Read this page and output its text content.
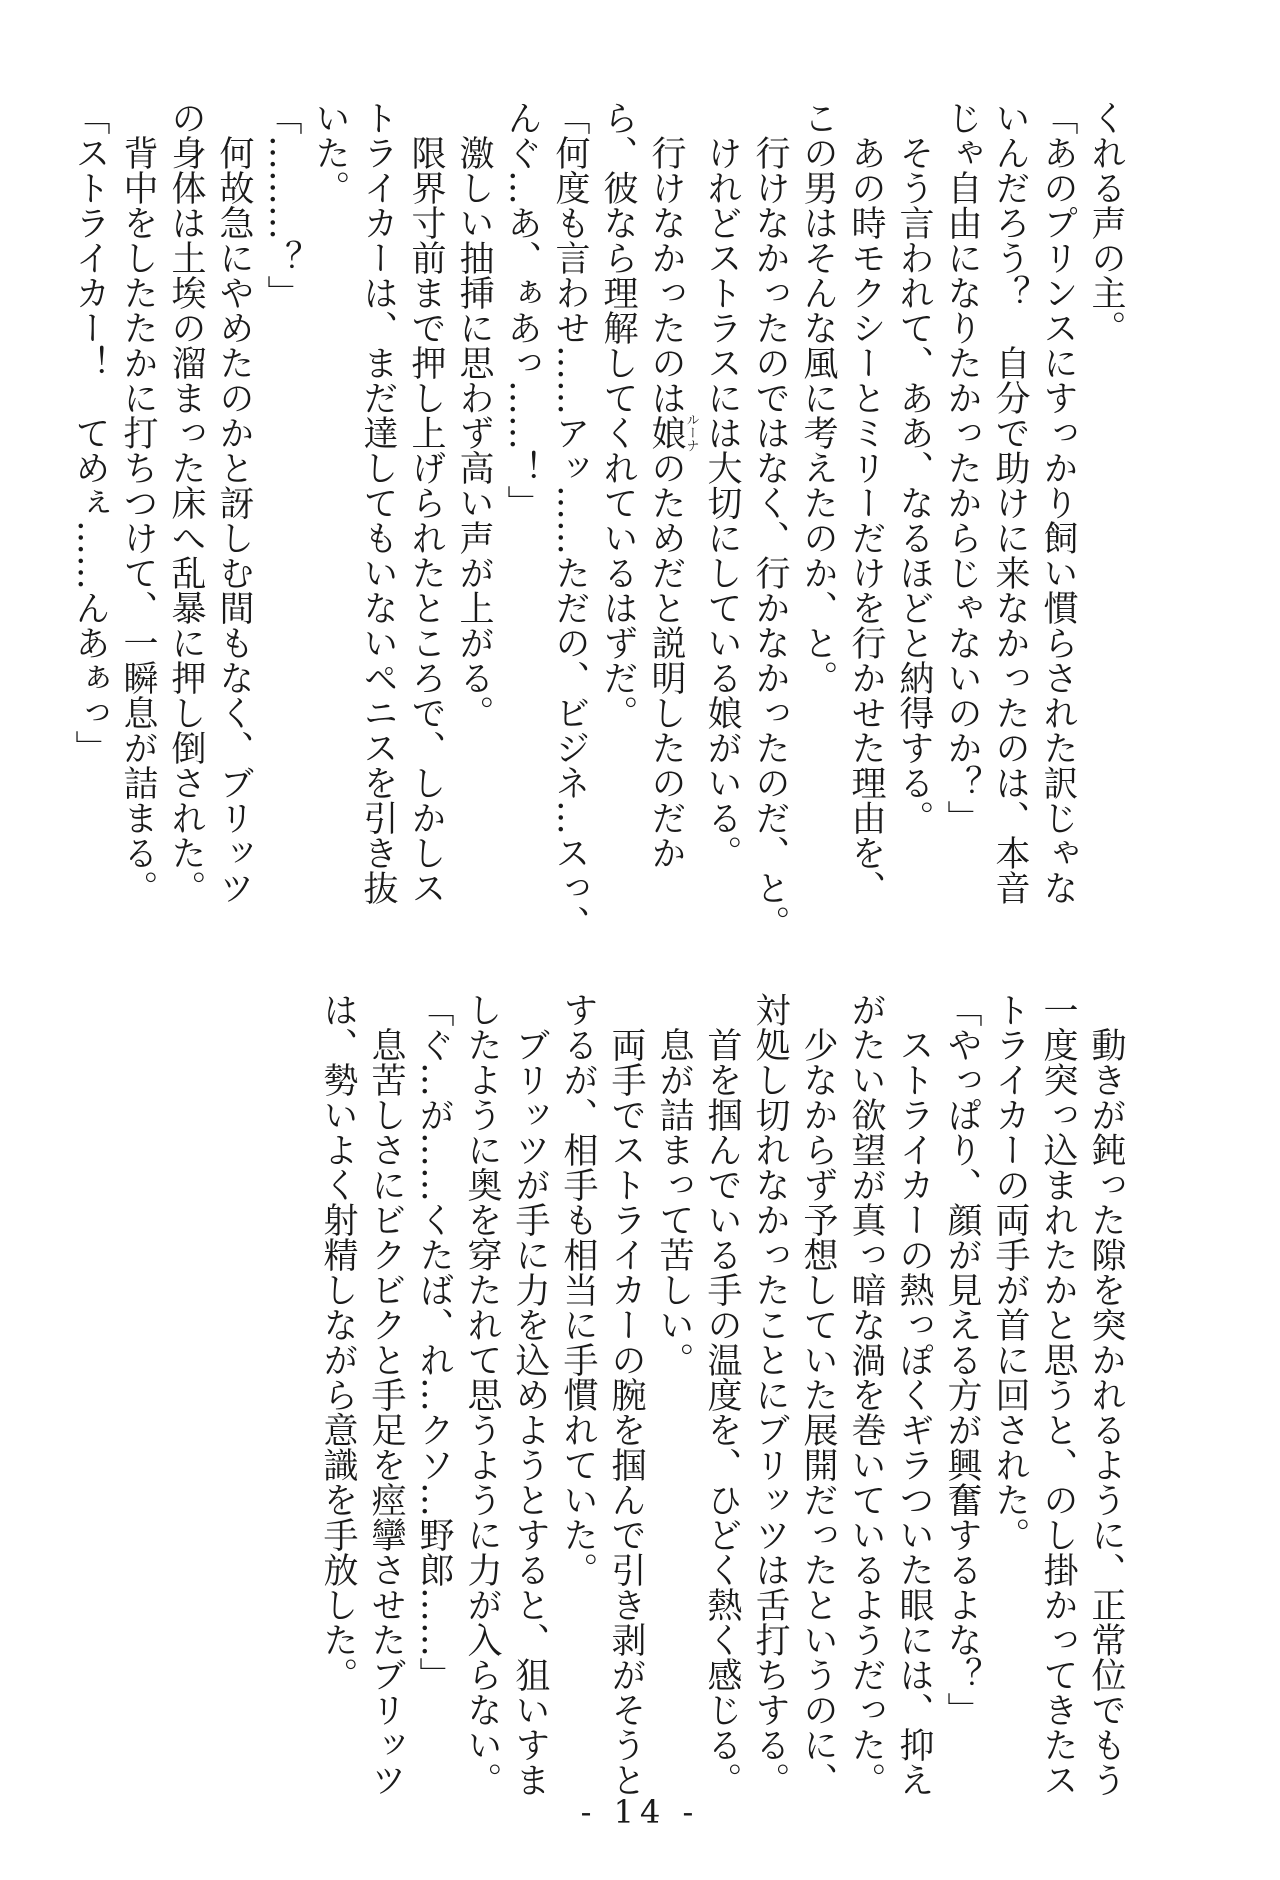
くれる声の主。

「あのプリンスにすっかり飼い慣らされた訳じゃな

いんだろう？　自分で助けに来なかったのは、本音

じゃ自由になりたかったからじゃないのか？」

　そう言われて、ああ、なるほどと納得する。

　あの時モクシーとミリーだけを行かせた理由を、

この男はそんな風に考えたのか、と。

　行けなかったのではなく、行かなかったのだ、と。

　けれどストラスには大切にしている娘がいる。

　行けなかったのは娘ルーナのためだと説明したのだか

ら、彼なら理解してくれているはずだ。

「何度も言わせ……アッ……ただの、ビジネ…スっ、

んぐ…あ、ぁあっ……！」

　激しい抽挿に思わず高い声が上がる。

　限界寸前まで押し上げられたところで、しかしス

トライカーは、まだ達してもいないペニスを引き抜

いた。

「………？」

　何故急にやめたのかと訝しむ間もなく、ブリッツ

の身体は土埃の溜まった床へ乱暴に押し倒された。

　背中をしたたかに打ちつけて、一瞬息が詰まる。

「ストライカー！　てめぇ……んあぁっ」

　動きが鈍った隙を突かれるように、正常位でもう

一度突っ込まれたかと思うと、のし掛かってきたス

トライカーの両手が首に回された。

「やっぱり、顔が見える方が興奮するよな？」

　ストライカーの熱っぽくギラついた眼には、抑え

がたい欲望が真っ暗な渦を巻いているようだった。

　少なからず予想していた展開だったというのに、

対処し切れなかったことにブリッツは舌打ちする。

　首を掴んでいる手の温度を、ひどく熱く感じる。

　息が詰まって苦しい。

　両手でストライカーの腕を掴んで引き剥がそうと

するが、相手も相当に手慣れていた。

　ブリッツが手に力を込めようとすると、狙いすま

したように奥を穿たれて思うように力が入らない。

「ぐ…が……くたば、れ…クソ…野郎……」

　息苦しさにビクビクと手足を痙攣させたブリッツ

は、勢いよく射精しながら意識を手放した。

- 14 -
